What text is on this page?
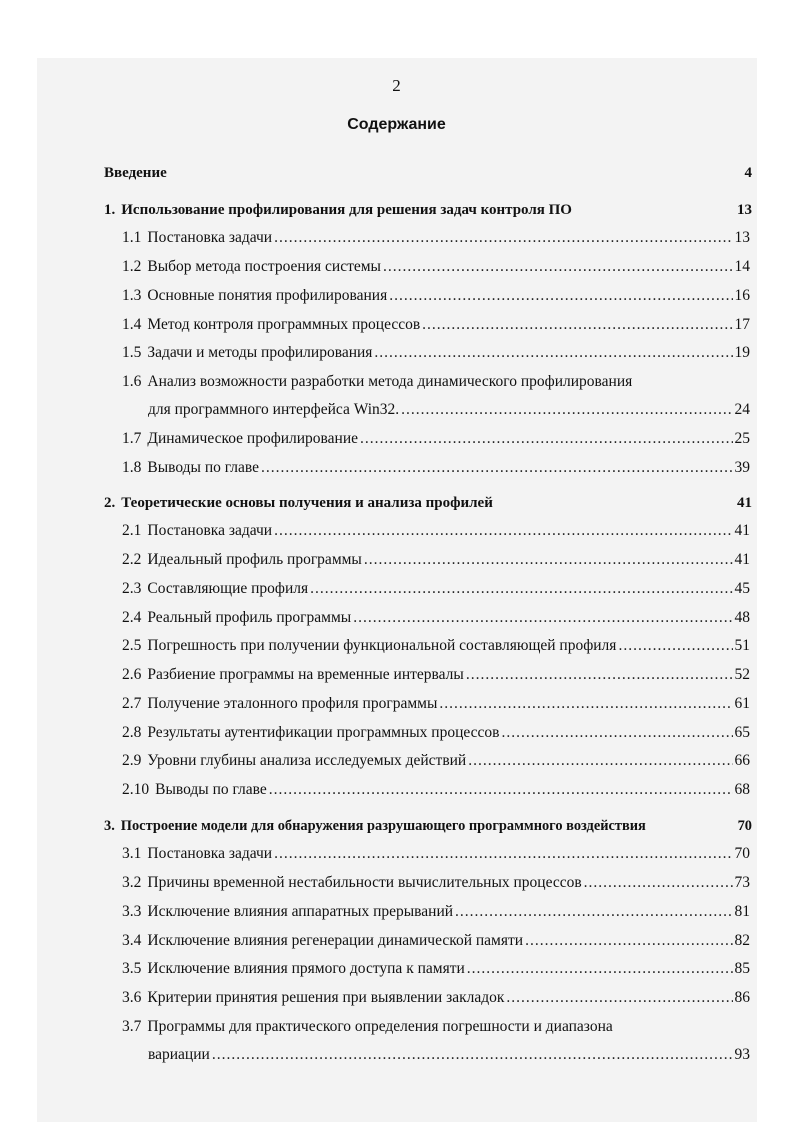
2
Содержание
Введение	4
1. Использование профилирования для решения задач контроля ПО	13
1.1 Постановка задачи .....	13
1.2 Выбор метода построения системы .....	14
1.3 Основные понятия профилирования .....	16
1.4 Метод контроля программных процессов .....	17
1.5 Задачи и методы профилирования .....	19
1.6 Анализ возможности разработки метода динамического профилирования
для программного интерфейса Win32. .....	24
1.7 Динамическое профилирование .....	25
1.8 Выводы по главе .....	39
2. Теоретические основы получения и анализа профилей	41
2.1 Постановка задачи .....	41
2.2 Идеальный профиль программы .....	41
2.3 Составляющие профиля .....	45
2.4 Реальный профиль программы .....	48
2.5 Погрешность при получении функциональной составляющей профиля .....	51
2.6 Разбиение программы на временные интервалы .....	52
2.7 Получение эталонного профиля программы .....	61
2.8 Результаты аутентификации программных процессов .....	65
2.9 Уровни глубины анализа исследуемых действий .....	66
2.10 Выводы по главе .....	68
3. Построение модели для обнаружения разрушающего программного воздействия	70
3.1 Постановка задачи .....	70
3.2 Причины временной нестабильности вычислительных процессов .....	73
3.3 Исключение влияния аппаратных прерываний .....	81
3.4 Исключение влияния регенерации динамической памяти .....	82
3.5 Исключение влияния прямого доступа к памяти .....	85
3.6 Критерии принятия решения при выявлении закладок .....	86
3.7 Программы для практического определения погрешности и диапазона
вариации .....	93
